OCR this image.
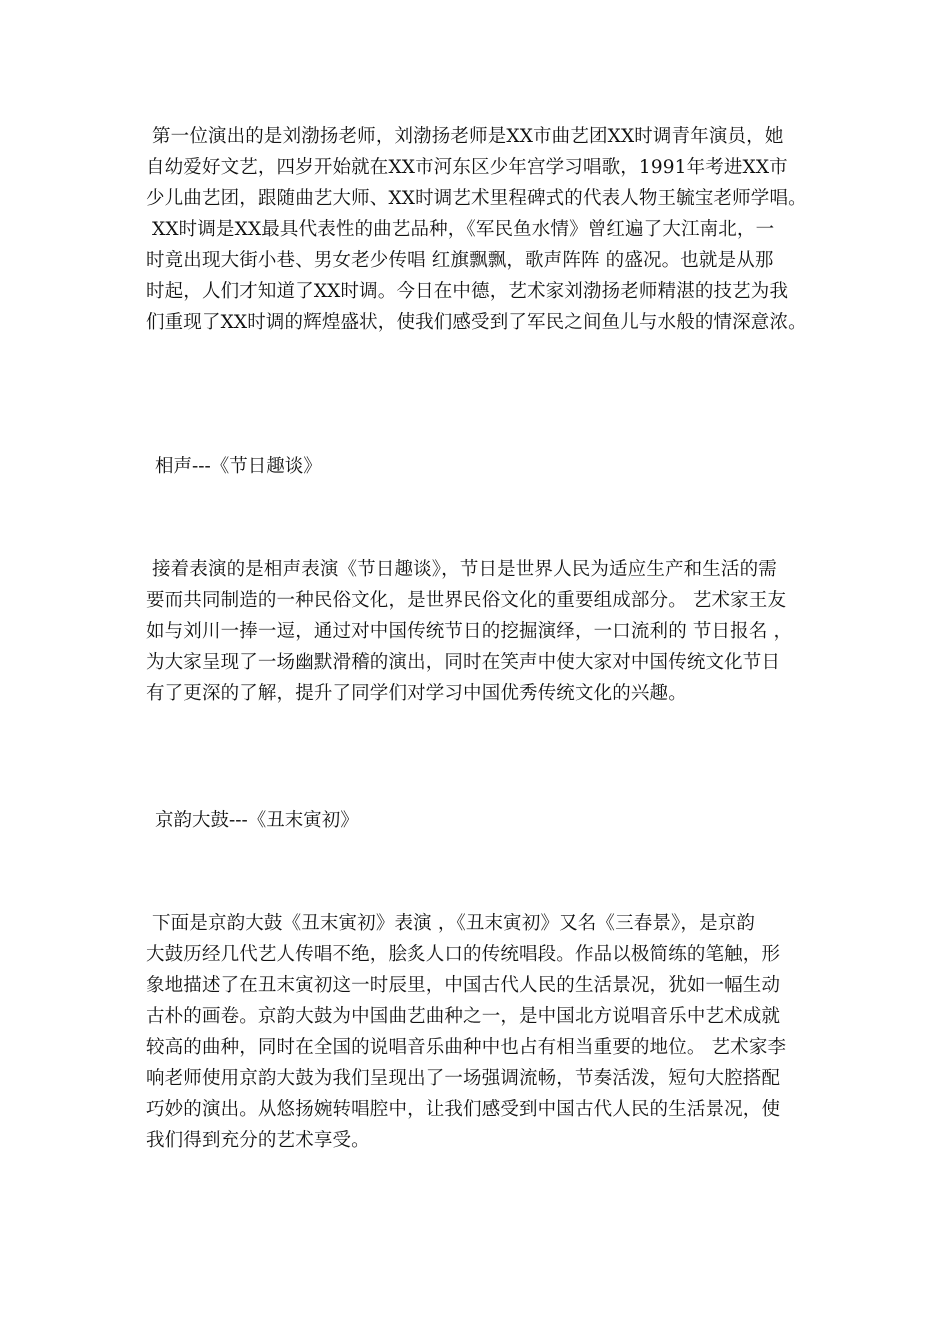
第一位演出的是刘渤扬老师，刘渤扬老师是XX市曲艺团XX时调青年演员，她
自幼爱好文艺，四岁开始就在XX市河东区少年宫学习唱歌，1991年考进XX市
少儿曲艺团，跟随曲艺大师、XX时调艺术里程碑式的代表人物王毓宝老师学唱。
XX时调是XX最具代表性的曲艺品种，《军民鱼水情》曾红遍了大江南北，一
时竟出现大街小巷、男女老少传唱 红旗飘飘，歌声阵阵 的盛况。也就是从那
时起，人们才知道了XX时调。今日在中德，艺术家刘渤扬老师精湛的技艺为我
们重现了XX时调的辉煌盛状，使我们感受到了军民之间鱼儿与水般的情深意浓。
相声---《节日趣谈》
接着表演的是相声表演《节日趣谈》，节日是世界人民为适应生产和生活的需
要而共同制造的一种民俗文化，是世界民俗文化的重要组成部分。 艺术家王友
如与刘川一捧一逗，通过对中国传统节日的挖掘演绎，一口流利的 节日报名 ，
为大家呈现了一场幽默滑稽的演出，同时在笑声中使大家对中国传统文化节日
有了更深的了解，提升了同学们对学习中国优秀传统文化的兴趣。
京韵大鼓---《丑末寅初》
下面是京韵大鼓《丑末寅初》表演 ，《丑末寅初》又名《三春景》，是京韵
大鼓历经几代艺人传唱不绝，脍炙人口的传统唱段。作品以极简练的笔触，形
象地描述了在丑末寅初这一时辰里，中国古代人民的生活景况，犹如一幅生动
古朴的画卷。京韵大鼓为中国曲艺曲种之一，是中国北方说唱音乐中艺术成就
较高的曲种，同时在全国的说唱音乐曲种中也占有相当重要的地位。 艺术家李
响老师使用京韵大鼓为我们呈现出了一场强调流畅，节奏活泼，短句大腔搭配
巧妙的演出。从悠扬婉转唱腔中，让我们感受到中国古代人民的生活景况，使
我们得到充分的艺术享受。
